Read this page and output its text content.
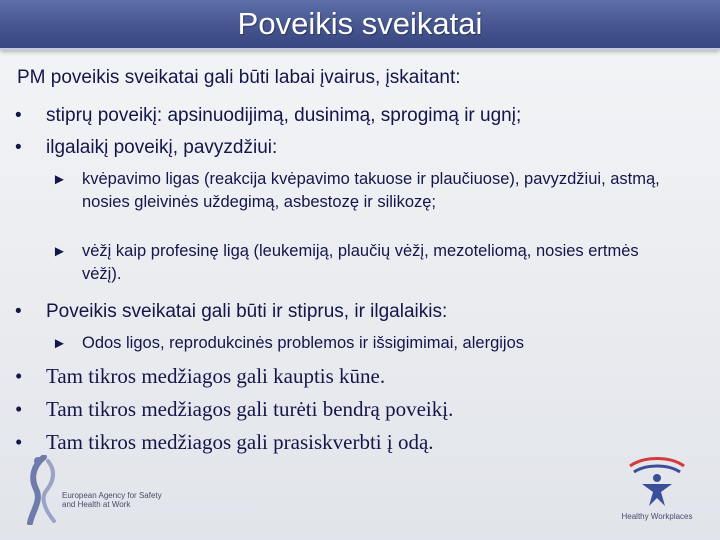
Poveikis sveikatai
PM poveikis sveikatai gali būti labai įvairus, įskaitant:
• stiprų poveikį: apsinuodijimą, dusinimą, sprogimą ir ugnį;
• ilgalaikį poveikį, pavyzdžiui:
► kvėpavimo ligas (reakcija kvėpavimo takuose ir plaučiuose), pavyzdžiui, astmą, nosies gleivinės uždegimą, asbestozę ir silikozę;
► vėžį kaip profesinę ligą (leukemiją, plaučių vėžį, mezoteliomą, nosies ertmės vėžį).
• Poveikis sveikatai gali būti ir stiprus, ir ilgalaikis:
► Odos ligos, reprodukcinės problemos ir išsigimimai, alergijos
• Tam tikros medžiagos gali kauptis kūne.
• Tam tikros medžiagos gali turėti bendrą poveikį.
• Tam tikros medžiagos gali prasiskverbti į odą.
European Agency for Safety and Health at Work
Healthy Workplaces
